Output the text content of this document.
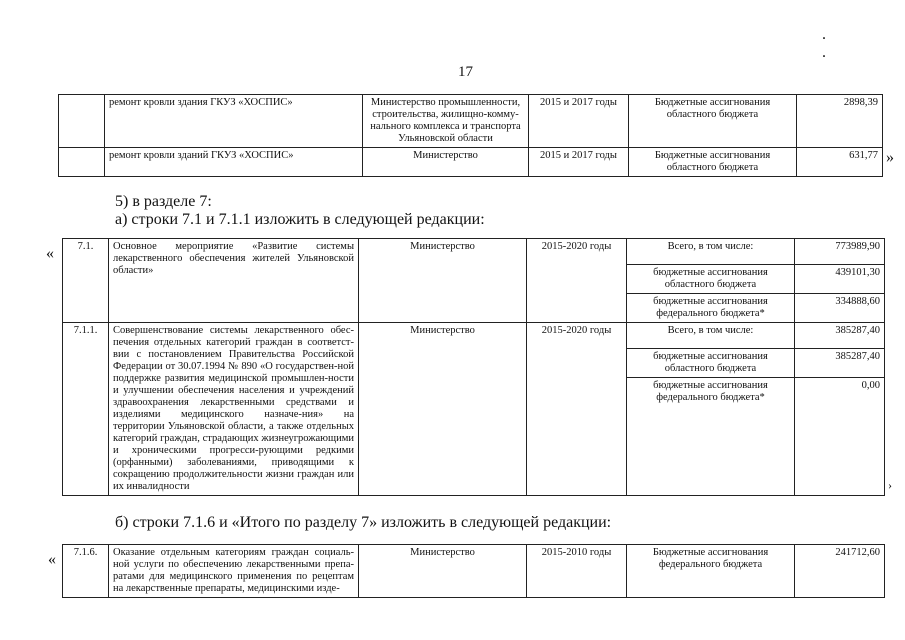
17
. .
	ремонт кровли здания ГКУЗ «ХОСПИС»	Министерство промышленности, строительства, жилищно-комму-нального комплекса и транспорта Ульяновской области	2015 и 2017 годы	Бюджетные ассигнования областного бюджета	2898,39
	ремонт кровли зданий ГКУЗ «ХОСПИС»	Министерство	2015 и 2017 годы	Бюджетные ассигнования областного бюджета	631,77 »
5) в разделе 7:
а) строки 7.1 и 7.1.1 изложить в следующей редакции:
« 7.1.	Основное мероприятие «Развитие системы лекарственного обеспечения жителей Ульяновской области»	Министерство	2015-2020 годы	Всего, в том числе:	773989,90
				бюджетные ассигнования областного бюджета	439101,30
				бюджетные ассигнования федерального бюджета*	334888,60
7.1.1.	Совершенствование системы лекарственного обес-печения отдельных категорий граждан в соответст-вии с постановлением Правительства Российской Федерации от 30.07.1994 № 890 «О государствен-ной поддержке развития медицинской промышлен-ности и улучшении обеспечения населения и учреждений здравоохранения лекарственными средствами и изделиями медицинского назначе-ния» на территории Ульяновской области, а также отдельных категорий граждан, страдающих жизнеугрожающими и хроническими прогресси-рующими редкими (орфанными) заболеваниями, приводящими к сокращению продолжительности жизни граждан или их инвалидности	Министерство	2015-2020 годы	Всего, в том числе:	385287,40
				бюджетные ассигнования областного бюджета	385287,40
				бюджетные ассигнования федерального бюджета*	0,00
›
б) строки 7.1.6 и «Итого по разделу 7» изложить в следующей редакции:
« 7.1.6.	Оказание отдельным категориям граждан социаль-ной услуги по обеспечению лекарственными препа-ратами для медицинского применения по рецептам на лекарственные препараты, медицинскими изде-	Министерство	2015-2010 годы	Бюджетные ассигнования федерального бюджета	241712,60
